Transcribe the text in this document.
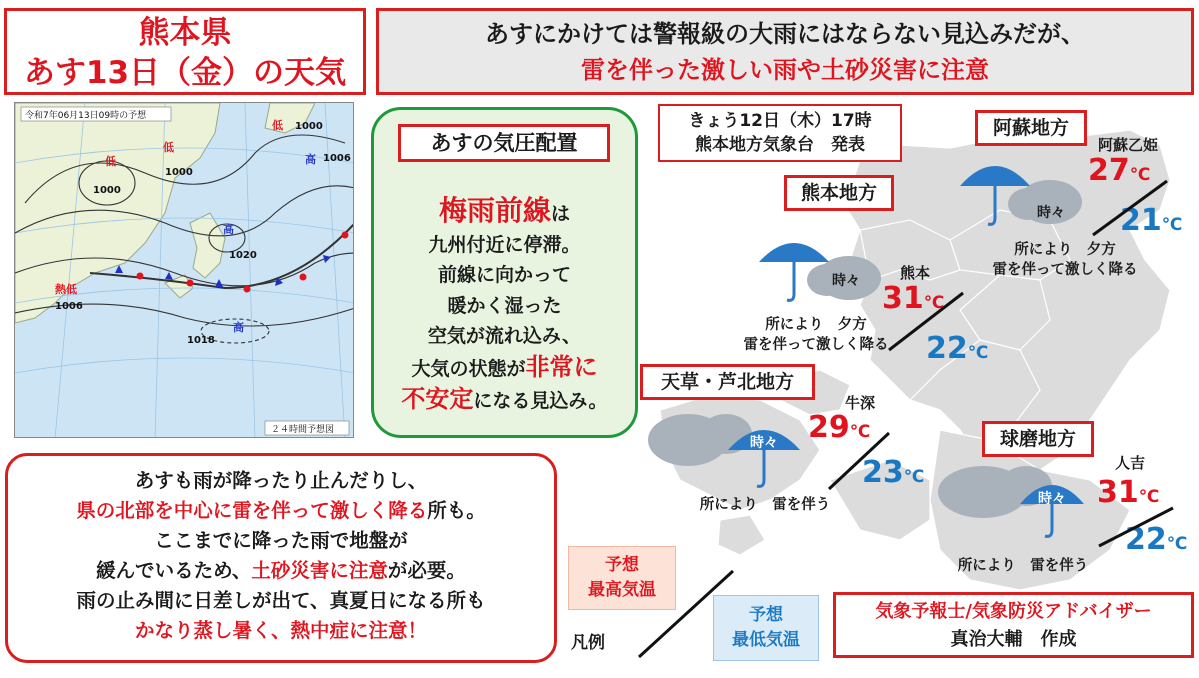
熊本県
あす13日（金）の天気
あすにかけては警報級の大雨にはならない見込みだが、
雷を伴った激しい雨や土砂災害に注意
令和7年06月13日09時の予想
２４時間予想図
低
1000
低
1000
低 1000
高 1006
高
1020
熱低
1006
高
1018
あすの気圧配置
梅雨前線は
九州付近に停滞。
前線に向かって
暖かく湿った
空気が流れ込み、
大気の状態が非常に
不安定になる見込み。
あすも雨が降ったり止んだりし、
県の北部を中心に雷を伴って激しく降る所も。
ここまでに降った雨で地盤が
緩んでいるため、土砂災害に注意が必要。
雨の止み間に日差しが出て、真夏日になる所も
かなり蒸し暑く、熱中症に注意！
きょう12日（木）17時
熊本地方気象台　発表
熊本地方
時々	熊本
31℃
22℃
所により　夕方
雷を伴って激しく降る
阿蘇地方
時々
阿蘇乙姫
27℃
21℃
所により　夕方
雷を伴って激しく降る
天草・芦北地方
時々
牛深
29℃
23℃
所により　雷を伴う
球磨地方
時々
人吉
31℃
22℃
所により　雷を伴う
予想
最高気温
凡例
予想
最低気温
気象予報士/気象防災アドバイザー
真治大輔　作成
